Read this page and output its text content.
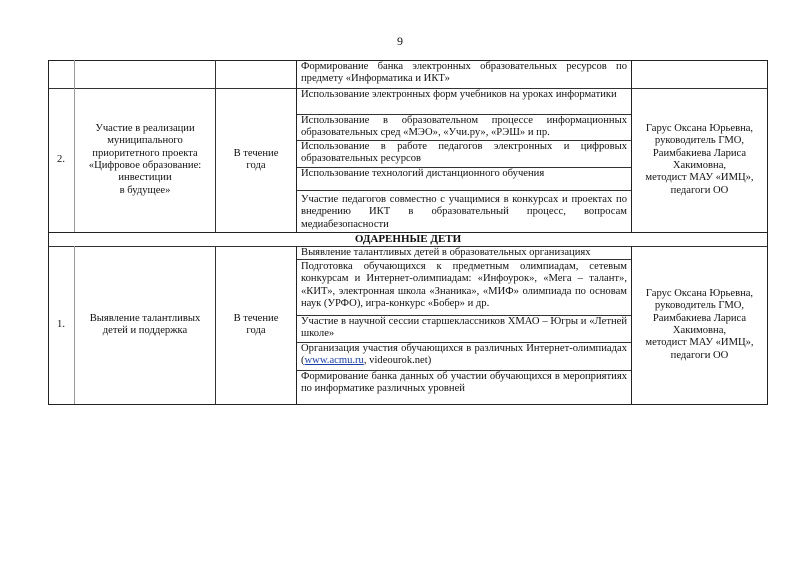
9
Формирование банка электронных образовательных ресурсов по предмету «Информатика и ИКТ»
2.
Участие в реализации
муниципального
приоритетного проекта
«Цифровое образование:
инвестиции
в будущее»
В течение
года
Использование электронных форм учебников на уроках информатики
Использование в образовательном процессе информационных образовательных сред «МЭО», «Учи.ру», «РЭШ» и пр.
Использование в работе педагогов электронных и цифровых образовательных ресурсов
Использование технологий дистанционного обучения
Участие педагогов совместно с учащимися в конкурсах и проектах по внедрению ИКТ в образовательный процесс, вопросам медиабезопасности
Гарус Оксана Юрьевна,
руководитель ГМО,
Раимбакиева Лариса
Хакимовна,
методист МАУ «ИМЦ»,
педагоги ОО
ОДАРЕННЫЕ ДЕТИ
1.
Выявление талантливых
детей и поддержка
В течение
года
Выявление талантливых детей в образовательных организациях
Подготовка обучающихся к предметным олимпиадам, сетевым конкурсам и Интернет-олимпиадам: «Инфоурок», «Мега – талант», «КИТ», электронная школа «Знаника», «МИФ» олимпиада по основам наук (УРФО), игра-конкурс «Бобер» и др.
Участие в научной сессии старшеклассников ХМАО – Югры и «Летней школе»
Организация участия обучающихся в различных Интернет-олимпиадах (www.acmu.ru, videourok.net)
Формирование банка данных об участии обучающихся в мероприятиях по информатике различных уровней
Гарус Оксана Юрьевна,
руководитель ГМО,
Раимбакиева Лариса
Хакимовна,
методист МАУ «ИМЦ»,
педагоги ОО
